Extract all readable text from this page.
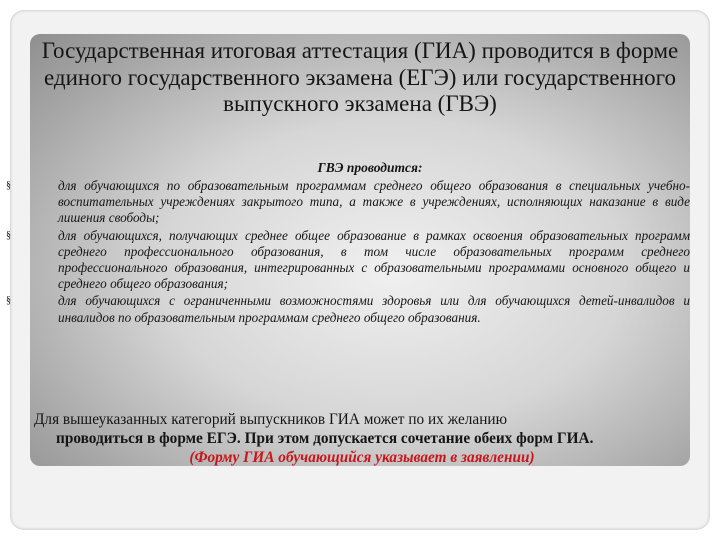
Государственная итоговая аттестация (ГИА) проводится в форме единого государственного экзамена (ЕГЭ) или государственного выпускного экзамена (ГВЭ)

ГВЭ проводится:

§	для обучающихся по образовательным программам среднего общего образования в специальных учебно-воспитательных учреждениях закрытого типа, а также в учреждениях, исполняющих наказание в виде лишения свободы;
§	для обучающихся, получающих среднее общее образование в рамках освоения образовательных программ среднего профессионального образования, в том числе образовательных программ среднего профессионального образования, интегрированных с образовательными программами основного общего и среднего общего образования;
§	для обучающихся с ограниченными возможностями здоровья или для обучающихся детей-инвалидов и инвалидов по образовательным программам среднего общего образования.

Для вышеуказанных категорий выпускников ГИА может по их желанию
проводиться в форме ЕГЭ. При этом допускается сочетание обеих форм ГИА.
(Форму ГИА обучающийся указывает в заявлении)
